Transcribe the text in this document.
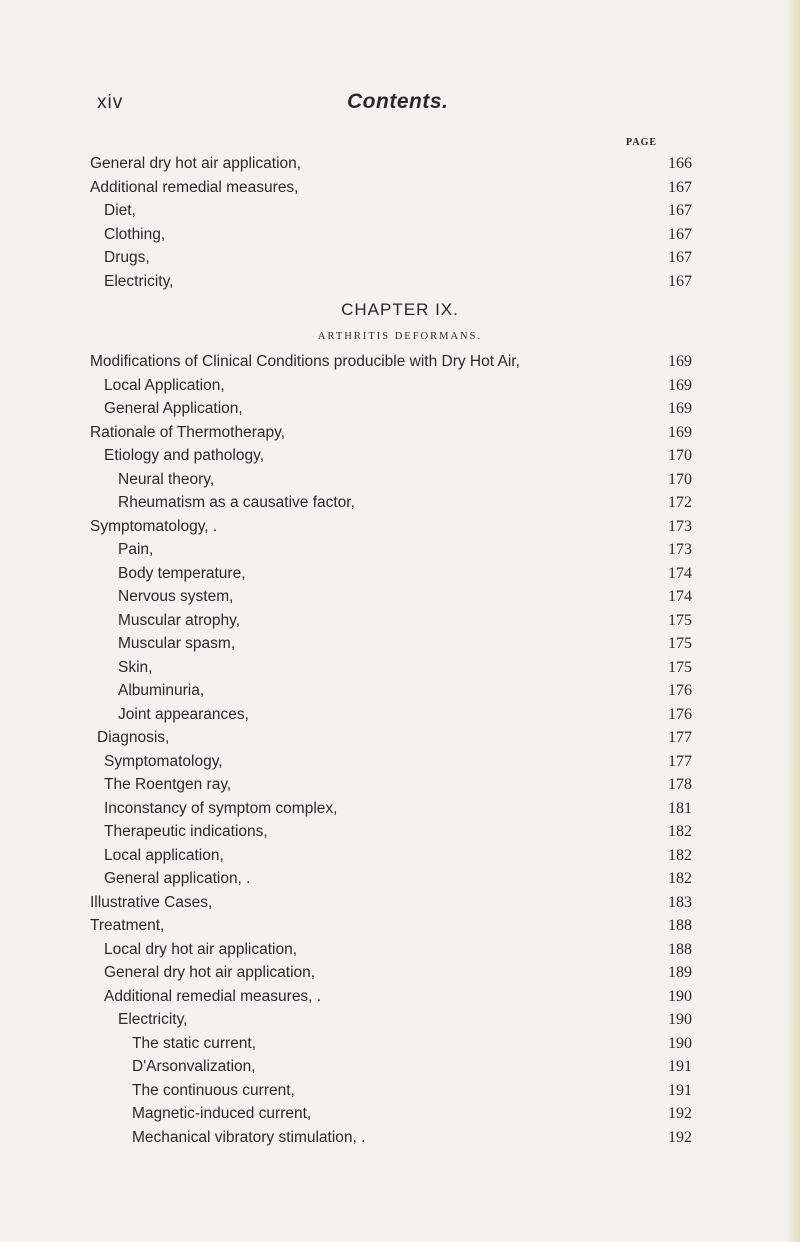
xiv	Contents.
PAGE
General dry hot air application,	166
Additional remedial measures,	167
Diet,	167
Clothing,	167
Drugs,	167
Electricity,	167
CHAPTER IX.
ARTHRITIS DEFORMANS.
Modifications of Clinical Conditions producible with Dry Hot Air,	169
Local Application,	169
General Application,	169
Rationale of Thermotherapy,	169
Etiology and pathology,	170
Neural theory,	170
Rheumatism as a causative factor,	172
Symptomatology, .	173
Pain,	173
Body temperature,	174
Nervous system,	174
Muscular atrophy,	175
Muscular spasm,	175
Skin,	175
Albuminuria,	176
Joint appearances,	176
Diagnosis,	177
Symptomatology,	177
The Roentgen ray,	178
Inconstancy of symptom complex,	181
Therapeutic indications,	182
Local application,	182
General application, .	182
Illustrative Cases,	183
Treatment,	188
Local dry hot air application,	188
General dry hot air application,	189
Additional remedial measures, .	190
Electricity,	190
The static current,	190
D'Arsonvalization,	191
The continuous current,	191
Magnetic-induced current,	192
Mechanical vibratory stimulation, .	192
